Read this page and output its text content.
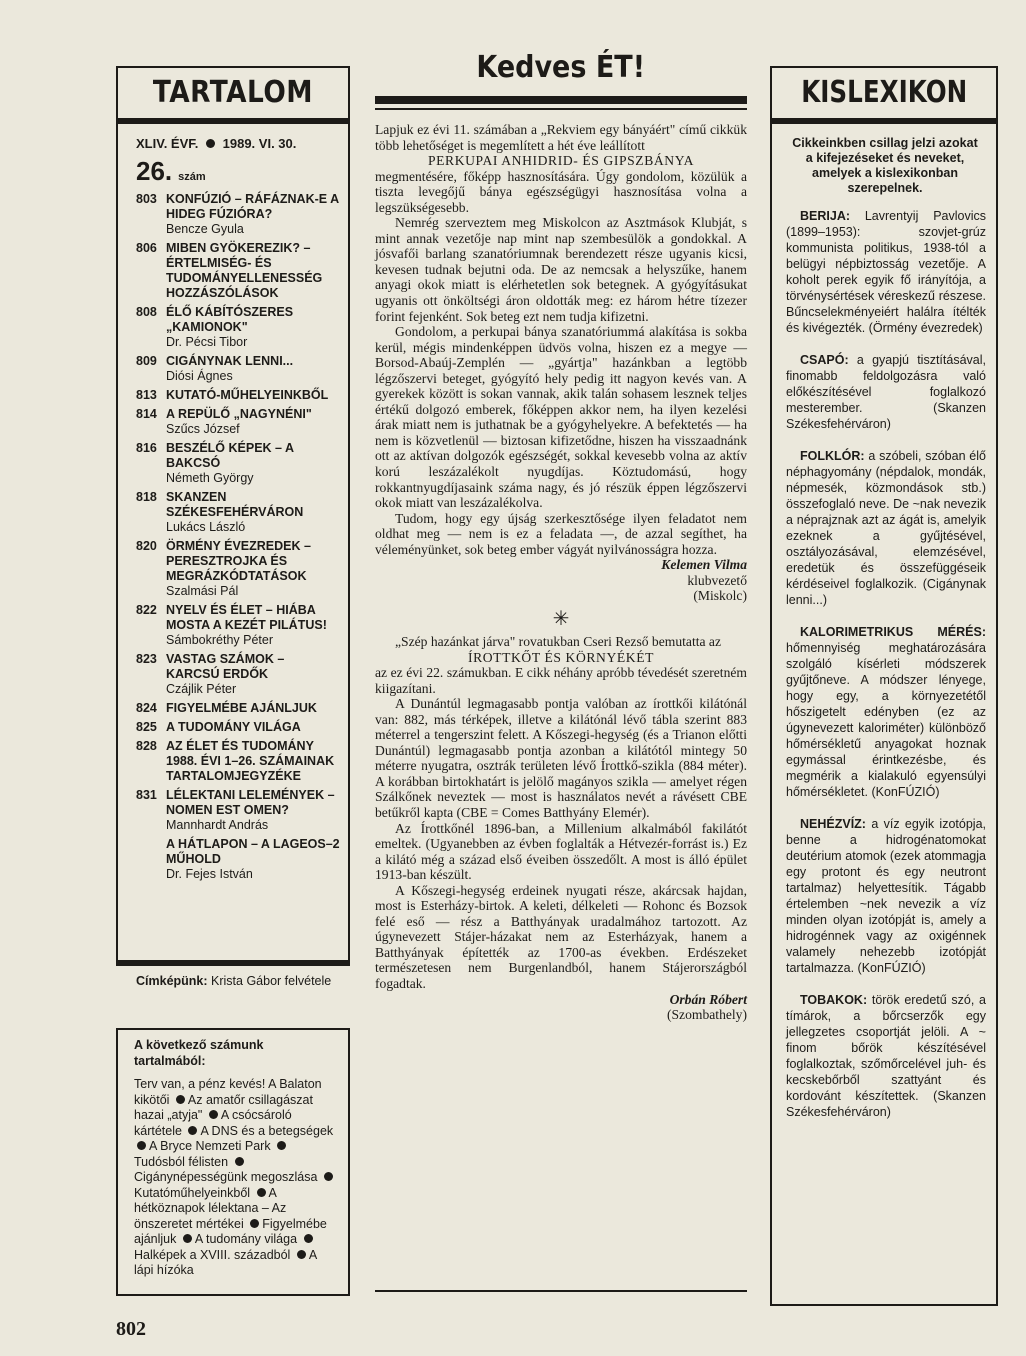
TARTALOM
XLIV. ÉVF. 1989. VI. 30.
26. szám
803 KONFÚZIÓ – RÁFÁZNAK-E A HIDEG FÚZIÓRA?
Bencze Gyula
806 MIBEN GYÖKEREZIK? – ÉRTELMISÉG- ÉS TUDOMÁNYELLENESSÉG HOZZÁSZÓLÁSOK
808 ÉLŐ KÁBÍTÓSZERES „KAMIONOK"
Dr. Pécsi Tibor
809 CIGÁNYNAK LENNI...
Diósi Ágnes
813 KUTATÓ-MŰHELYEINKBŐL
814 A REPÜLŐ „NAGYNÉNI"
Szűcs József
816 BESZÉLŐ KÉPEK – A BAKCSÓ
Németh György
818 SKANZEN SZÉKESFEHÉRVÁRON
Lukács László
820 ÖRMÉNY ÉVEZREDEK – PERESZTROJKA ÉS MEGRÁZKÓDTATÁSOK
Szalmási Pál
822 NYELV ÉS ÉLET – HIÁBA MOSTA A KEZÉT PILÁTUS!
Sámbokréthy Péter
823 VASTAG SZÁMOK – KARCSÚ ERDŐK
Czájlik Péter
824 FIGYELMÉBE AJÁNLJUK
825 A TUDOMÁNY VILÁGA
828 AZ ÉLET ÉS TUDOMÁNY 1988. ÉVI 1–26. SZÁMAINAK TARTALOMJEGYZÉKE
831 LÉLEKTANI LELEMÉNYEK – NOMEN EST OMEN?
Mannhardt András
A HÁTLAPON – A LAGEOS–2 MŰHOLD
Dr. Fejes István
Címképünk: Krista Gábor felvétele
A következő számunk tartalmából:
Terv van, a pénz kevés! A Balaton kikötői Az amatőr csillagászat hazai „atyja" A csócsároló kártétele A DNS és a betegségek A Bryce Nemzeti Park Tudósból félisten Cigánynépességünk megoszlása Kutatóműhelyeinkből A hétköznapok lélektana – Az önszeretet mértékei Figyelmébe ajánljuk A tudomány világa Halképek a XVIII. századból A lápi hízóka
Kedves ÉT!

Lapjuk ez évi 11. számában a „Rekviem egy bányáért" című cikkük több lehetőséget is megemlített a hét éve leállított

PERKUPAI ANHIDRID- ÉS GIPSZBÁNYA

megmentésére, főképp hasznosítására. Úgy gondolom, közülük a tiszta levegőjű bánya egészségügyi hasznosítása volna a legszükségesebb.

Nemrég szerveztem meg Miskolcon az Asztmások Klubját, s mint annak vezetője nap mint nap szembesülök a gondokkal. A jósvafői barlang szanatóriumnak berendezett része ugyanis kicsi, kevesen tudnak bejutni oda. De az nemcsak a helyszűke, hanem anyagi okok miatt is elérhetetlen sok betegnek. A gyógyításukat ugyanis ott önköltségi áron oldották meg: ez három hétre tízezer forint fejenként. Sok beteg ezt nem tudja kifizetni.

Gondolom, a perkupai bánya szanatóriummá alakítása is sokba kerül, mégis mindenképpen üdvös volna, hiszen ez a megye — Borsod-Abaúj-Zemplén — „gyártja" hazánkban a legtöbb légzőszervi beteget, gyógyító hely pedig itt nagyon kevés van. A gyerekek között is sokan vannak, akik talán sohasem lesznek teljes értékű dolgozó emberek, főképpen akkor nem, ha ilyen kezelési árak miatt nem is juthatnak be a gyógyhelyekre. A befektetés — ha nem is közvetlenül — biztosan kifizetődne, hiszen ha visszaadnánk ott az aktívan dolgozók egészségét, sokkal kevesebb volna az aktív korú leszázalékolt nyugdíjas. Köztudomású, hogy rokkantnyugdíjasaink száma nagy, és jó részük éppen légzőszervi okok miatt van leszázalékolva.

Tudom, hogy egy újság szerkesztősége ilyen feladatot nem oldhat meg — nem is ez a feladata —, de azzal segíthet, ha véleményünket, sok beteg ember vágyát nyilvánosságra hozza.

Kelemen Vilma

klubvezető

(Miskolc)

✳

„Szép hazánkat járva" rovatukban Cseri Rezső bemutatta az

ÍROTTKŐT ÉS KÖRNYÉKÉT

az ez évi 22. számukban. E cikk néhány apróbb tévedését szeretném kiigazítani.

A Dunántúl legmagasabb pontja valóban az írottkői kilátónál van: 882, más térképek, illetve a kilátónál lévő tábla szerint 883 méterrel a tengerszint felett. A Kőszegi-hegység (és a Trianon előtti Dunántúl) legmagasabb pontja azonban a kilátótól mintegy 50 méterre nyugatra, osztrák területen lévő Írottkő-szikla (884 méter). A korábban birtokhatárt is jelölő magányos szikla — amelyet régen Szálkőnek neveztek — most is használatos nevét a rávésett CBE betűkről kapta (CBE = Comes Batthyány Elemér).

Az Írottkőnél 1896-ban, a Millenium alkalmából fakilátót emeltek. (Ugyanebben az évben foglalták a Hétvezér-forrást is.) Ez a kilátó még a század első éveiben összedőlt. A most is álló épület 1913-ban készült.

A Kőszegi-hegység erdeinek nyugati része, akárcsak hajdan, most is Esterházy-birtok. A keleti, délkeleti — Rohonc és Bozsok felé eső — rész a Batthyányak uradalmához tartozott. Az úgynevezett Stájer-házakat nem az Esterházyak, hanem a Batthyányak építették az 1700-as években. Erdészeket természetesen nem Burgenlandból, hanem Stájerországból fogadtak.

Orbán Róbert

(Szombathely)

KISLEXIKON
Cikkeinkben csillag jelzi azokat a kifejezéseket és neveket, amelyek a kislexikonban szerepelnek.
BERIJA: Lavrentyij Pavlovics (1899–1953): szovjet-grúz kommunista politikus, 1938-tól a belügyi népbiztosság vezetője. A koholt perek egyik fő irányítója, a törvénysértések véreskezű részese. Bűncselekményeiért halálra ítélték és kivégezték. (Örmény évezredek)
CSAPÓ: a gyapjú tisztításával, finomabb feldolgozásra való előkészítésével foglalkozó mesterember. (Skanzen Székesfehérváron)
FOLKLÓR: a szóbeli, szóban élő néphagyomány (népdalok, mondák, népmesék, közmondások stb.) összefoglaló neve. De ~nak nevezik a néprajznak azt az ágát is, amelyik ezeknek a gyűjtésével, osztályozásával, elemzésével, eredetük és összefüggéseik kérdéseivel foglalkozik. (Cigánynak lenni...)
KALORIMETRIKUS MÉRÉS: hőmennyiség meghatározására szolgáló kísérleti módszerek gyűjtőneve. A módszer lényege, hogy egy, a környezetétől hőszigetelt edényben (ez az úgynevezett kaloriméter) különböző hőmérsékletű anyagokat hoznak egymással érintkezésbe, és megmérik a kialakuló egyensúlyi hőmérsékletet. (KonFÚZIÓ)
NEHÉZVÍZ: a víz egyik izotópja, benne a hidrogénatomokat deutérium atomok (ezek atommagja egy protont és egy neutront tartalmaz) helyettesítik. Tágabb értelemben ~nek nevezik a víz minden olyan izotópját is, amely a hidrogénnek vagy az oxigénnek valamely nehezebb izotópját tartalmazza. (KonFÚZIÓ)
TOBAKOK: török eredetű szó, a tímárok, a bőrcserzők egy jellegzetes csoportját jelöli. A ~ finom bőrök készítésével foglalkoztak, szőmőrcelével juh- és kecskebőrből szattyánt és kordovánt készítettek. (Skanzen Székesfehérváron)
802
